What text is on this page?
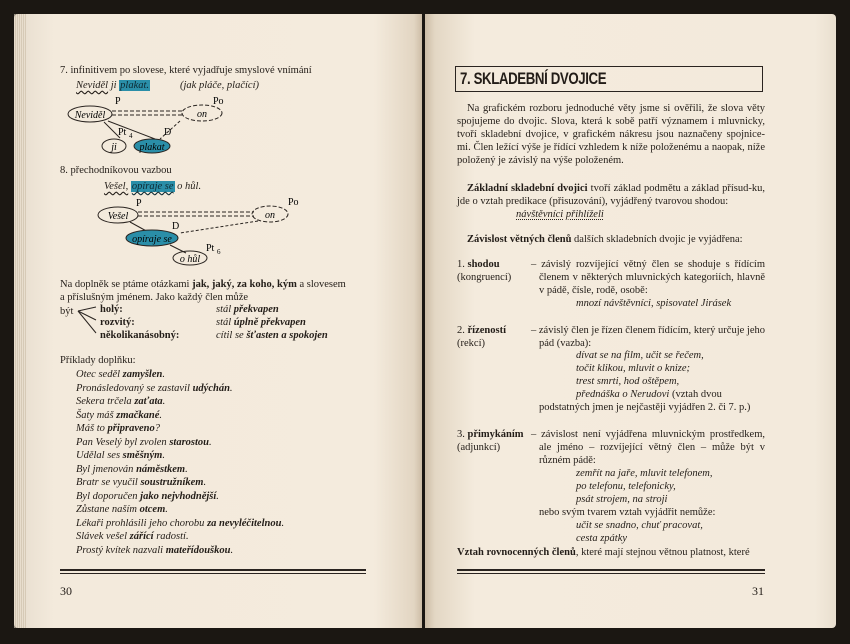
7. infinitivem po slovese, které vyjadřuje smyslové vnímání
Neviděl ji plakat.	(jak pláče, plačící)
Neviděl
P
on
Po
Pt 4	D
ji plakat
8. přechodníkovou vazbou
Vešel, opíraje se o hůl.
Vešel
P
on
Po
D
opíraje se
Pt 6
o hůl
Na doplněk se ptáme otázkami jak, jaký, za koho, kým a slovesem
a příslušným jménem. Jako každý člen může
být	holý:	stál překvapen
rozvitý:	stál úplně překvapen
několikanásobný:	cítil se šťasten a spokojen
Příklady doplňku:
Otec seděl zamyšlen.
Pronásledovaný se zastavil udýchán.
Sekera trčela zaťata.
Šaty máš zmačkané.
Máš to připraveno?
Pan Veselý byl zvolen starostou.
Udělal ses směšným.
Byl jmenován náměstkem.
Bratr se vyučil soustružníkem.
Byl doporučen jako nejvhodnější.
Zůstane naším otcem.
Lékaři prohlásili jeho chorobu za nevyléčitelnou.
Slávek vešel zářící radostí.
Prostý kvítek nazvali mateřídouškou.
30
7. SKLADEBNÍ DVOJICE
Na grafickém rozboru jednoduché věty jsme si ověřili, že slova věty spojujeme do dvojic. Slova, která k sobě patří významem i mluvnicky, tvoří skladební dvojice, v grafickém nákresu jsou naznačeny spojnice-mi. Člen ležící výše je řídící vzhledem k níže položenému a naopak, níže položený je závislý na výše položeném.
Základní skladební dvojici tvoří základ podmětu a základ přísud-ku, jde o vztah predikace (přisuzování), vyjádřený tvarovou shodou:
návštěvníci přihlíželi
Závislost větných členů dalších skladebních dvojic je vyjádřena:
1. shodou
(kongruencí)
– závislý rozvíjející větný člen se shoduje s řídícím členem v některých mluvnických kategoriích, hlavně v pádě, čísle, rodě, osobě:
mnozí návštěvníci, spisovatel Jirásek
2. řízeností
(rekcí)
– závislý člen je řízen členem řídícím, který určuje jeho pád (vazba):
dívat se na film, učit se řečem,
točit klikou, mluvit o knize;
trest smrti, hod oštěpem,
přednáška o Nerudovi (vztah dvou
podstatných jmen je nejčastěji vyjádřen 2. či 7. p.)
3. přimykáním
(adjunkcí)
– závislost není vyjádřena mluvnickým prostředkem, ale jméno – rozvíjející větný člen – může být v různém pádě:
zemřít na jaře, mluvit telefonem,
po telefonu, telefonicky,
psát strojem, na stroji
nebo svým tvarem vztah vyjádřit nemůže:
učit se snadno, chuť pracovat,
cesta zpátky
Vztah rovnocenných členů, které mají stejnou větnou platnost, které
31
